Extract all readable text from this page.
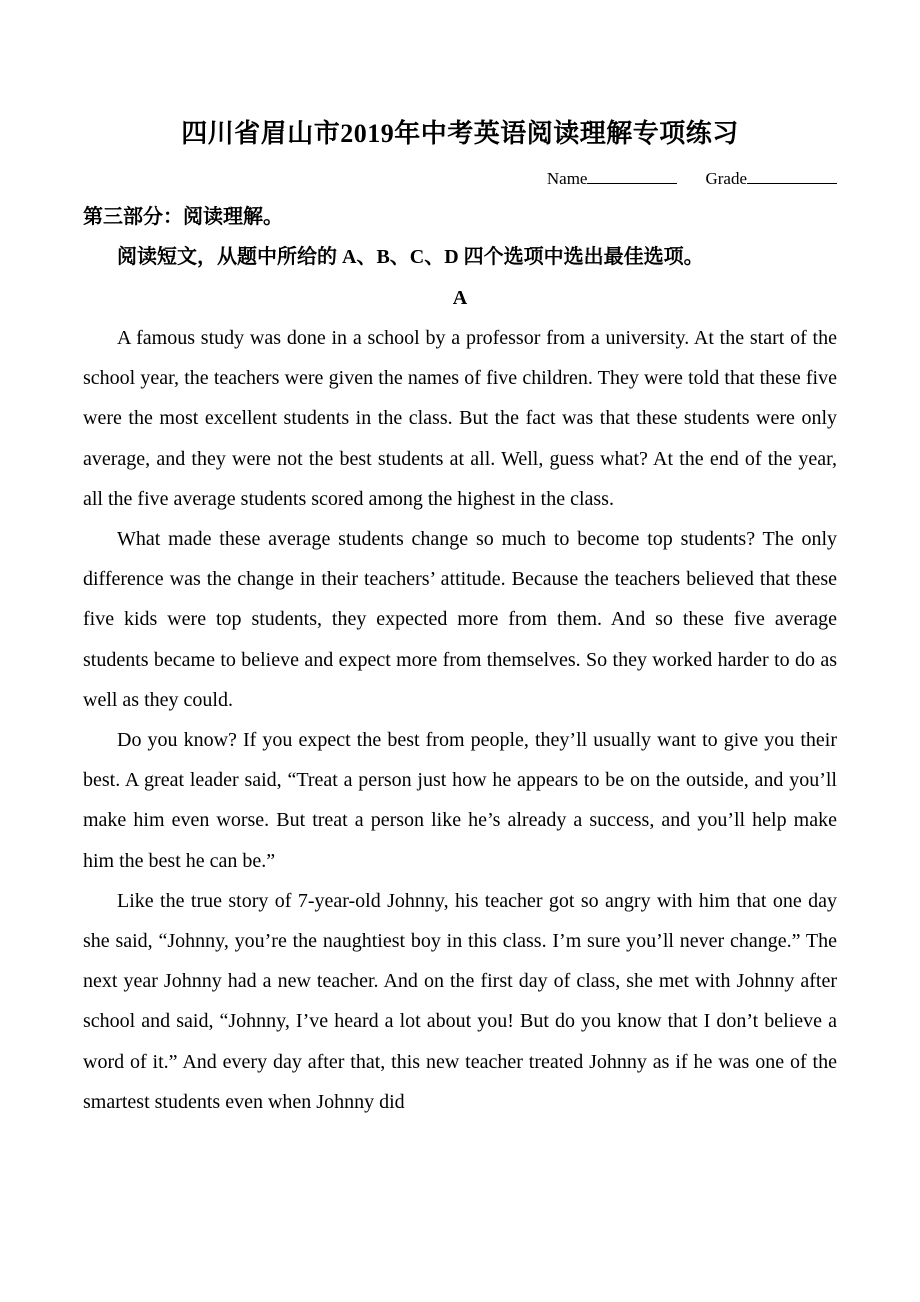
四川省眉山市2019年中考英语阅读理解专项练习
Name	Grade
第三部分：阅读理解。
阅读短文，从题中所给的 A、B、C、D 四个选项中选出最佳选项。
A

A famous study was done in a school by a professor from a university. At the start of the school year, the teachers were given the names of five children. They were told that these five were the most excellent students in the class. But the fact was that these students were only average, and they were not the best students at all. Well, guess what? At the end of the year, all the five average students scored among the highest in the class.

What made these average students change so much to become top students? The only difference was the change in their teachers’ attitude. Because the teachers believed that these five kids were top students, they expected more from them. And so these five average students became to believe and expect more from themselves. So they worked harder to do as well as they could.

Do you know? If you expect the best from people, they’ll usually want to give you their best. A great leader said, “Treat a person just how he appears to be on the outside, and you’ll make him even worse. But treat a person like he’s already a success, and you’ll help make him the best he can be.”

Like the true story of 7-year-old Johnny, his teacher got so angry with him that one day she said, “Johnny, you’re the naughtiest boy in this class. I’m sure you’ll never change.” The next year Johnny had a new teacher. And on the first day of class, she met with Johnny after school and said, “Johnny, I’ve heard a lot about you! But do you know that I don’t believe a word of it.” And every day after that, this new teacher treated Johnny as if he was one of the smartest students even when Johnny did
